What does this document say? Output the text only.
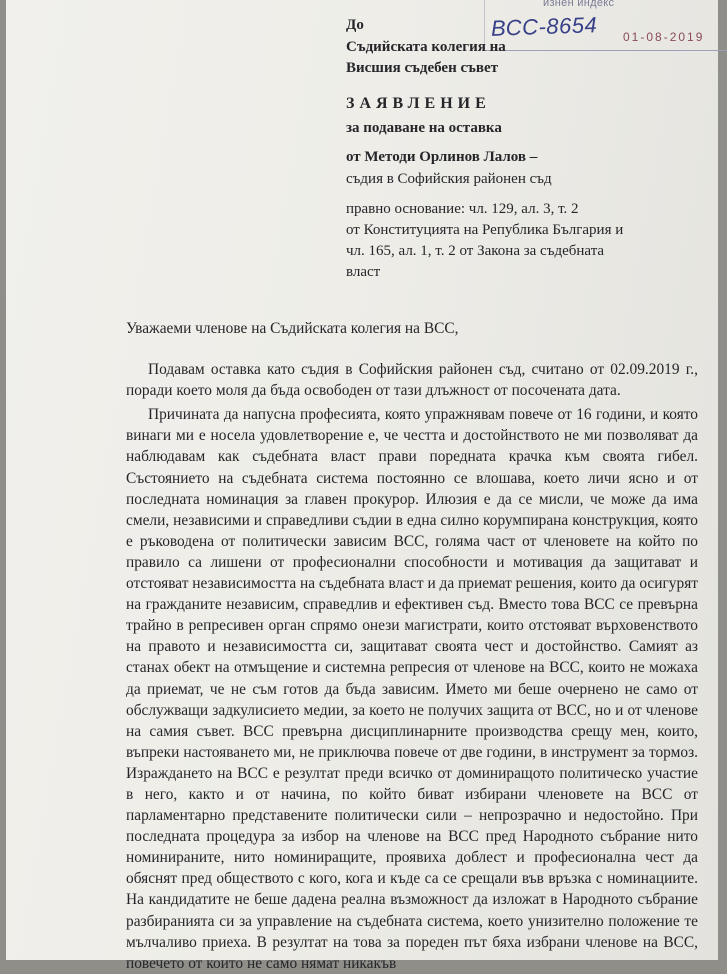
изнен индекс
ВСС-8654 01-08-2019
До
Съдийската колегия на
Висшия съдебен съвет
ЗАЯВЛЕНИЕ
за подаване на оставка
от Методи Орлинов Лалов –
съдия в Софийския районен съд
правно основание: чл. 129, ал. 3, т. 2
от Конституцията на Република България и
чл. 165, ал. 1, т. 2 от Закона за съдебната
власт

Уважаеми членове на Съдийската колегия на ВСС,

Подавам оставка като съдия в Софийския районен съд, считано от 02.09.2019 г., поради което моля да бъда освободен от тази длъжност от посочената дата.

Причината да напусна професията, която упражнявам повече от 16 години, и която винаги ми е носела удовлетворение е, че честта и достойнството не ми позволяват да наблюдавам как съдебната власт прави поредната крачка към своята гибел. Състоянието на съдебната система постоянно се влошава, което личи ясно и от последната номинация за главен прокурор. Илюзия е да се мисли, че може да има смели, независими и справедливи съдии в една силно корумпирана конструкция, която е ръководена от политически зависим ВСС, голяма част от членовете на който по правило са лишени от професионални способности и мотивация да защитават и отстояват независимостта на съдебната власт и да приемат решения, които да осигурят на гражданите независим, справедлив и ефективен съд. Вместо това ВСС се превърна трайно в репресивен орган спрямо онези магистрати, които отстояват върховенството на правото и независимостта си, защитават своята чест и достойнство. Самият аз станах обект на отмъщение и системна репресия от членове на ВСС, които не можаха да приемат, че не съм готов да бъда зависим. Името ми беше очернено не само от обслужващи задкулисието медии, за което не получих защита от ВСС, но и от членове на самия съвет. ВСС превърна дисциплинарните производства срещу мен, които, въпреки настояването ми, не приключва повече от две години, в инструмент за тормоз. Израждането на ВСС е резултат преди всичко от доминиращото политическо участие в него, както и от начина, по който биват избирани членовете на ВСС от парламентарно представените политически сили – непрозрачно и недостойно. При последната процедура за избор на членове на ВСС пред Народното събрание нито номинираните, нито номиниращите, проявиха доблест и професионална чест да обяснят пред обществото с кого, кога и къде са се срещали във връзка с номинациите. На кандидатите не беше дадена реална възможност да изложат в Народното събрание разбиранията си за управление на съдебната система, което унизително положение те мълчаливо приеха. В резултат на това за пореден път бяха избрани членове на ВСС, повечето от които не само нямат никакъв
